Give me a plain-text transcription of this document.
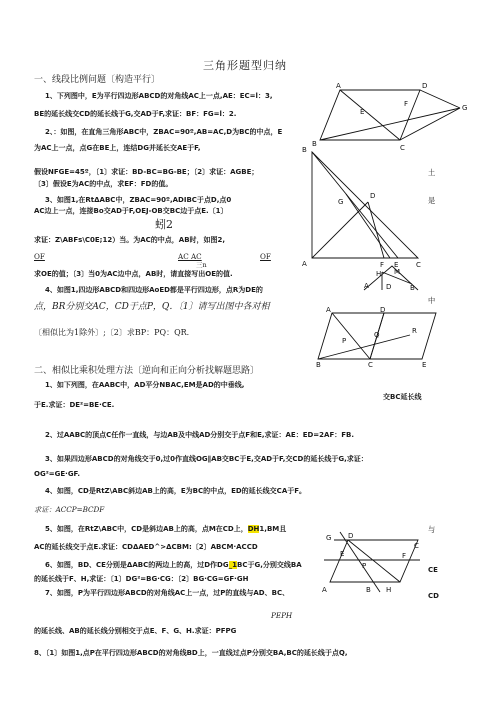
三角形题型归纳
一、线段比例问题〔构造平行〕
1、下列图中，E为平行四边形ABCD的对角线AC上一点,AE：EC=l：3,
BE的延长线交CD的延长线于G,交AD于F,求证：BF：FG=l：2.
2、：如图，在直角三角形ABC中，ZBAC=90º,AB=AC,D为BC的中点，E
为AC上一点，点G在BE上，连结DG并延长交AE于F,
假设NFGE=45º，〔1〕求证：BD-BC=BG-BE；〔2〕求证：AGBE；	土
〔3〕假设E为AC的中点，求EF：FD的值。
3、如图1,在RtΔABC中，ZBAC=90º,ADIBC于点D,点0	是
AC边上一点，连接Bo交AD于F,OEJ-OB交BC边于点E.〔1〕
蚓2
求证：Z\ABFs\C0E;12）当。为AC的中点，AB时，如图2,
OF	AC AC	OF
三n
求OE的值；〔3〕当0为AC边中点，AB时，请直接写出OE的值.
4、如图1,四边形ABCD和四边形AoED都是平行四边形，点R为DE的
点，BR分别交AC，CD于点P，Q．〔1〕请写出图中各对相
中
〔相似比为1除外〕;〔2〕求BP：PQ：QR．
二、相似比乘积处理方法〔逆向和正向分析找解题思路〕
1、如下列图，在AABC中，AD平分NBAC,EM是AD的中垂线,
交BC延长线
于E.求证：DE²=BE·CE.
2、过AABC的顶点C任作一直线，与边AB及中线AD分别交于点F和E,求证：AE：ED=2AF：FB.
3、如果四边形ABCD的对角线交于0,过0作直线OG∥AB交BC于E,交AD于F,交CD的延长线于G,求证：
OG²=GE·GF.
4、如图，CD是RtZ\ABC斜边AB上的高，E为BC的中点，ED的延长线交CA于F。
求证：ACCP=BCDF
5、如图，在RtZ\ABC中，CD是斜边AB上的高，点M在CD上，DH1,BM且	与
AC的延长线交于点E.求证：CDΔAED^>ΔCBM:〔2〕ABCM·ACCD
6、如图，BD、CE分别是ΔABC的两边上的高，过D作DG_1BC于G,分别交线BA
的延长线于F、H,求证：〔1〕DG²=BG·CG：〔2〕BG·CG=GF·GH
7、如图，P为平行四边形ABCD的对角线AC上一点，过P的直线与AD、BC、
CE
CD
PEPH
的延长线、AB的延长线分别相交于点E、F、G、H.求证：PFPG
8、〔1〕如图1,点P在平行四边形ABCD的对角线BD上，一直线过点P分别交BA,BC的延长线于点Q,
A	D
E
F
B	C
G
B
D
A	F E	C
G
H M
A D	B
A	D
P
Q
B	C	E
R
G D
E
P
A	B H
F
C
